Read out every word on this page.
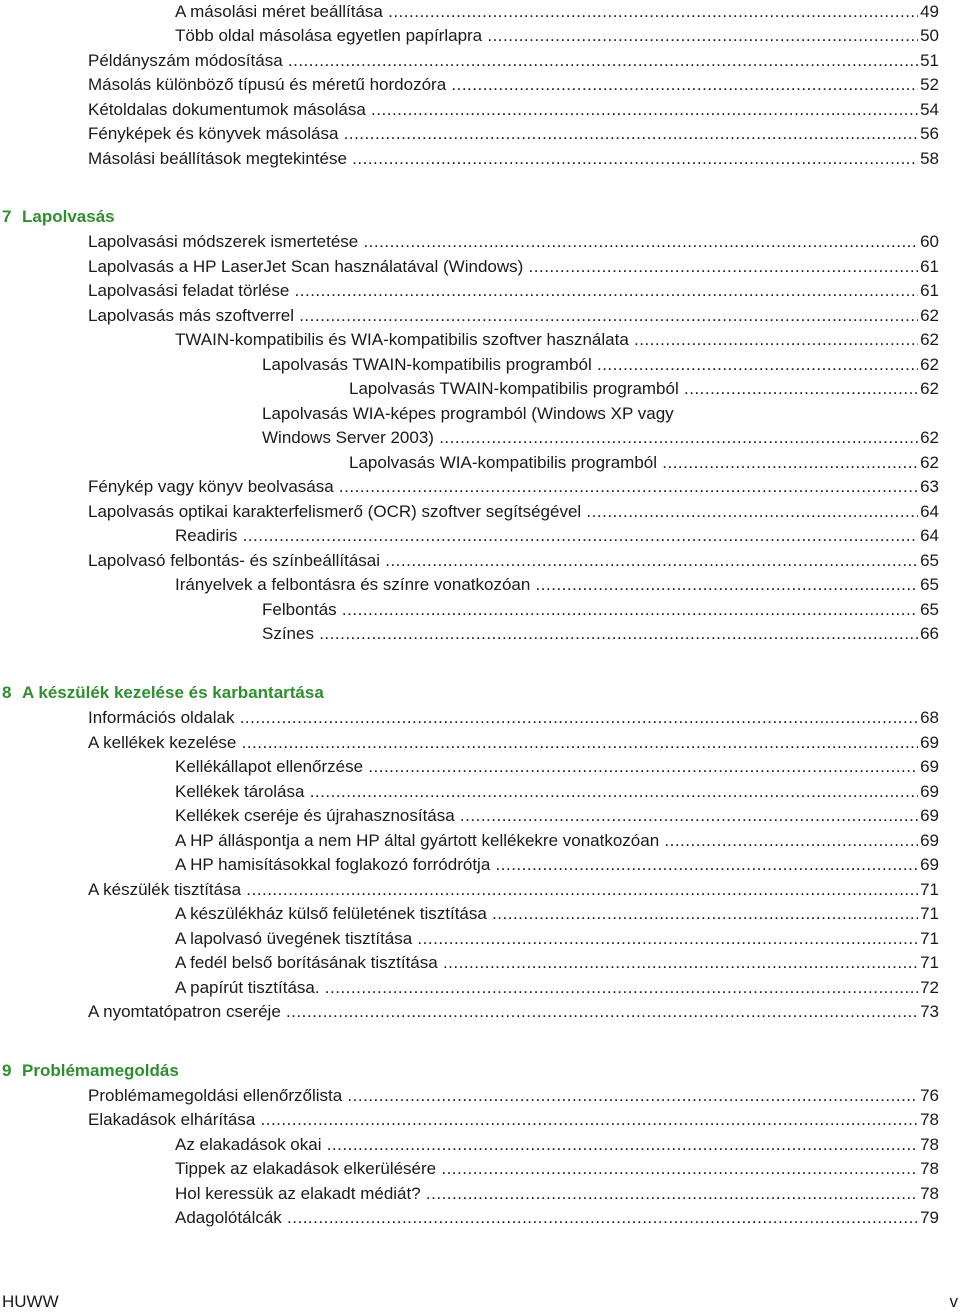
A másolási méret beállítása .....	49
Több oldal másolása egyetlen papírlapra .....	50
Példányszám módosítása .....	51
Másolás különböző típusú és méretű hordozóra .....	52
Kétoldalas dokumentumok másolása .....	54
Fényképek és könyvek másolása .....	56
Másolási beállítások megtekintése .....	58
7 Lapolvasás
Lapolvasási módszerek ismertetése .....	60
Lapolvasás a HP LaserJet Scan használatával (Windows) .....	61
Lapolvasási feladat törlése .....	61
Lapolvasás más szoftverrel .....	62
TWAIN-kompatibilis és WIA-kompatibilis szoftver használata .....	62
Lapolvasás TWAIN-kompatibilis programból .....	62
Lapolvasás TWAIN-kompatibilis programból .....	62
Lapolvasás WIA-képes programból (Windows XP vagy
Windows Server 2003) .....	62
Lapolvasás WIA-kompatibilis programból .....	62
Fénykép vagy könyv beolvasása .....	63
Lapolvasás optikai karakterfelismerő (OCR) szoftver segítségével .....	64
Readiris .....	64
Lapolvasó felbontás- és színbeállításai .....	65
Irányelvek a felbontásra és színre vonatkozóan .....	65
Felbontás .....	65
Színes .....	66
8 A készülék kezelése és karbantartása
Információs oldalak .....	68
A kellékek kezelése .....	69
Kellékállapot ellenőrzése .....	69
Kellékek tárolása .....	69
Kellékek cseréje és újrahasznosítása .....	69
A HP álláspontja a nem HP által gyártott kellékekre vonatkozóan .....	69
A HP hamisításokkal foglakozó forródrótja .....	69
A készülék tisztítása .....	71
A készülékház külső felületének tisztítása .....	71
A lapolvasó üvegének tisztítása .....	71
A fedél belső borításának tisztítása .....	71
A papírút tisztítása. .....	72
A nyomtatópatron cseréje .....	73
9 Problémamegoldás
Problémamegoldási ellenőrzőlista .....	76
Elakadások elhárítása .....	78
Az elakadások okai .....	78
Tippek az elakadások elkerülésére .....	78
Hol keressük az elakadt médiát? .....	78
Adagolótálcák .....	79
HUWW	v
